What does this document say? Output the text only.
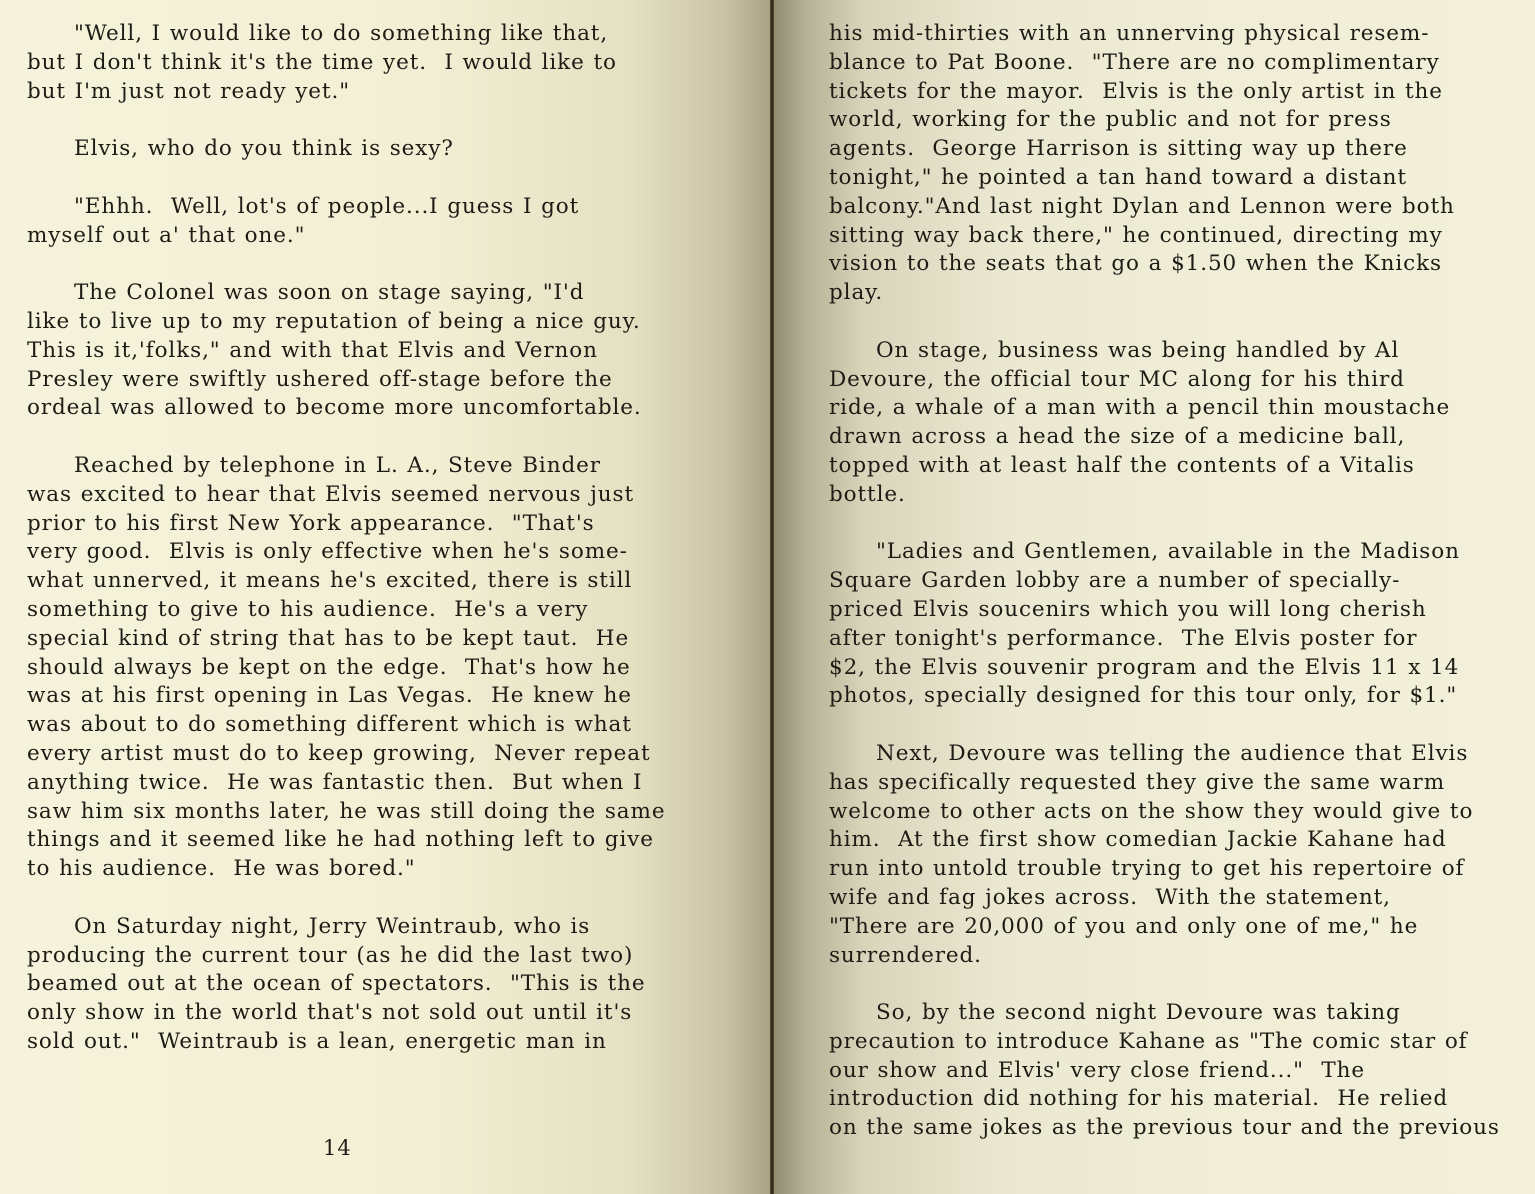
"Well, I would like to do something like that,
but I don't think it's the time yet.  I would like to
but I'm just not ready yet."
Elvis, who do you think is sexy?
"Ehhh.  Well, lot's of people...I guess I got
myself out a' that one."
The Colonel was soon on stage saying, "I'd
like to live up to my reputation of being a nice guy.
This is it,'folks," and with that Elvis and Vernon
Presley were swiftly ushered off-stage before the
ordeal was allowed to become more uncomfortable.
Reached by telephone in L. A., Steve Binder
was excited to hear that Elvis seemed nervous just
prior to his first New York appearance.  "That's
very good.  Elvis is only effective when he's some-
what unnerved, it means he's excited, there is still
something to give to his audience.  He's a very
special kind of string that has to be kept taut.  He
should always be kept on the edge.  That's how he
was at his first opening in Las Vegas.  He knew he
was about to do something different which is what
every artist must do to keep growing,  Never repeat
anything twice.  He was fantastic then.  But when I
saw him six months later, he was still doing the same
things and it seemed like he had nothing left to give
to his audience.  He was bored."
On Saturday night, Jerry Weintraub, who is
producing the current tour (as he did the last two)
beamed out at the ocean of spectators.  "This is the
only show in the world that's not sold out until it's
sold out."  Weintraub is a lean, energetic man in
14
his mid-thirties with an unnerving physical resem-
blance to Pat Boone.  "There are no complimentary
tickets for the mayor.  Elvis is the only artist in the
world, working for the public and not for press
agents.  George Harrison is sitting way up there
tonight," he pointed a tan hand toward a distant
balcony."And last night Dylan and Lennon were both
sitting way back there," he continued, directing my
vision to the seats that go a $1.50 when the Knicks
play.
On stage, business was being handled by Al
Devoure, the official tour MC along for his third
ride, a whale of a man with a pencil thin moustache
drawn across a head the size of a medicine ball,
topped with at least half the contents of a Vitalis
bottle.
"Ladies and Gentlemen, available in the Madison
Square Garden lobby are a number of specially-
priced Elvis soucenirs which you will long cherish
after tonight's performance.  The Elvis poster for
$2, the Elvis souvenir program and the Elvis 11 x 14
photos, specially designed for this tour only, for $1."
Next, Devoure was telling the audience that Elvis
has specifically requested they give the same warm
welcome to other acts on the show they would give to
him.  At the first show comedian Jackie Kahane had
run into untold trouble trying to get his repertoire of
wife and fag jokes across.  With the statement,
"There are 20,000 of you and only one of me," he
surrendered.
So, by the second night Devoure was taking
precaution to introduce Kahane as "The comic star of
our show and Elvis' very close friend..."  The
introduction did nothing for his material.  He relied
on the same jokes as the previous tour and the previous
